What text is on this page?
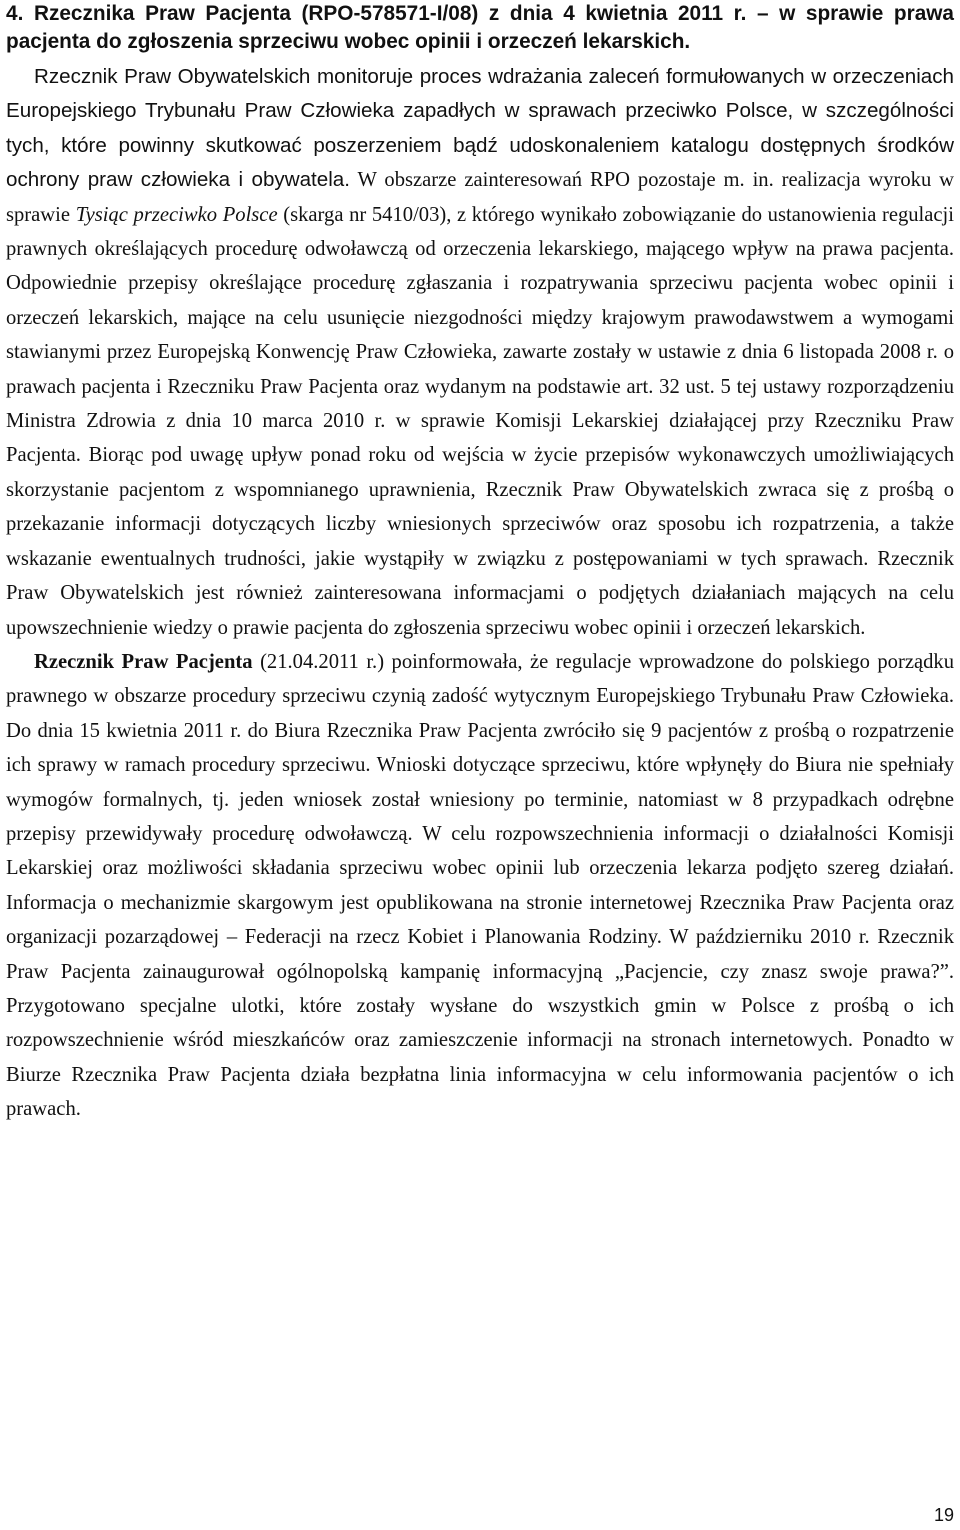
4. Rzecznika Praw Pacjenta (RPO-578571-I/08) z dnia 4 kwietnia 2011 r. – w sprawie prawa pacjenta do zgłoszenia sprzeciwu wobec opinii i orzeczeń lekarskich.

Rzecznik Praw Obywatelskich monitoruje proces wdrażania zaleceń formułowanych w orzeczeniach Europejskiego Trybunału Praw Człowieka zapadłych w sprawach przeciwko Polsce, w szczególności tych, które powinny skutkować poszerzeniem bądź udoskonaleniem katalogu dostępnych środków ochrony praw człowieka i obywatela. W obszarze zainteresowań RPO pozostaje m. in. realizacja wyroku w sprawie Tysiąc przeciwko Polsce (skarga nr 5410/03), z którego wynikało zobowiązanie do ustanowienia regulacji prawnych określających procedurę odwoławczą od orzeczenia lekarskiego, mającego wpływ na prawa pacjenta. Odpowiednie przepisy określające procedurę zgłaszania i rozpatrywania sprzeciwu pacjenta wobec opinii i orzeczeń lekarskich, mające na celu usunięcie niezgodności między krajowym prawodawstwem a wymogami stawianymi przez Europejską Konwencję Praw Człowieka, zawarte zostały w ustawie z dnia 6 listopada 2008 r. o prawach pacjenta i Rzeczniku Praw Pacjenta oraz wydanym na podstawie art. 32 ust. 5 tej ustawy rozporządzeniu Ministra Zdrowia z dnia 10 marca 2010 r. w sprawie Komisji Lekarskiej działającej przy Rzeczniku Praw Pacjenta. Biorąc pod uwagę upływ ponad roku od wejścia w życie przepisów wykonawczych umożliwiających skorzystanie pacjentom z wspomnianego uprawnienia, Rzecznik Praw Obywatelskich zwraca się z prośbą o przekazanie informacji dotyczących liczby wniesionych sprzeciwów oraz sposobu ich rozpatrzenia, a także wskazanie ewentualnych trudności, jakie wystąpiły w związku z postępowaniami w tych sprawach. Rzecznik Praw Obywatelskich jest również zainteresowana informacjami o podjętych działaniach mających na celu upowszechnienie wiedzy o prawie pacjenta do zgłoszenia sprzeciwu wobec opinii i orzeczeń lekarskich.

Rzecznik Praw Pacjenta (21.04.2011 r.) poinformowała, że regulacje wprowadzone do polskiego porządku prawnego w obszarze procedury sprzeciwu czynią zadość wytycznym Europejskiego Trybunału Praw Człowieka. Do dnia 15 kwietnia 2011 r. do Biura Rzecznika Praw Pacjenta zwróciło się 9 pacjentów z prośbą o rozpatrzenie ich sprawy w ramach procedury sprzeciwu. Wnioski dotyczące sprzeciwu, które wpłynęły do Biura nie spełniały wymogów formalnych, tj. jeden wniosek został wniesiony po terminie, natomiast w 8 przypadkach odrębne przepisy przewidywały procedurę odwoławczą. W celu rozpowszechnienia informacji o działalności Komisji Lekarskiej oraz możliwości składania sprzeciwu wobec opinii lub orzeczenia lekarza podjęto szereg działań. Informacja o mechanizmie skargowym jest opublikowana na stronie internetowej Rzecznika Praw Pacjenta oraz organizacji pozarządowej – Federacji na rzecz Kobiet i Planowania Rodziny. W październiku 2010 r. Rzecznik Praw Pacjenta zainaugurował ogólnopolską kampanię informacyjną „Pacjencie, czy znasz swoje prawa?”. Przygotowano specjalne ulotki, które zostały wysłane do wszystkich gmin w Polsce z prośbą o ich rozpowszechnienie wśród mieszkańców oraz zamieszczenie informacji na stronach internetowych. Ponadto w Biurze Rzecznika Praw Pacjenta działa bezpłatna linia informacyjna w celu informowania pacjentów o ich prawach.

19
